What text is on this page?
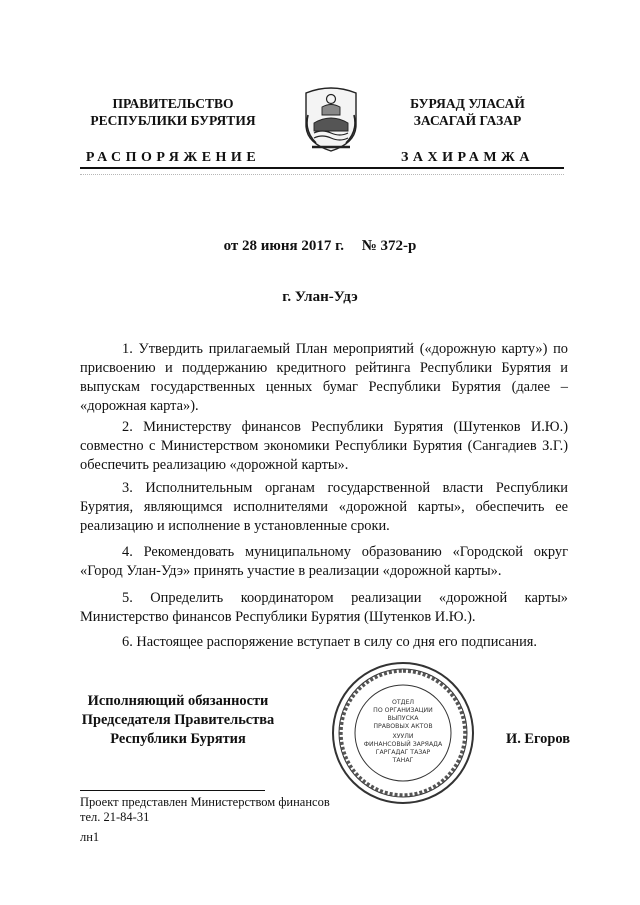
ПРАВИТЕЛЬСТВО
РЕСПУБЛИКИ БУРЯТИЯ
РАСПОРЯЖЕНИЕ
БУРЯАД УЛАСАЙ
ЗАСАГАЙ ГАЗАР
ЗАХИРАМЖА
от 28 июня 2017 г. № 372-р
г. Улан-Удэ
1. Утвердить прилагаемый План мероприятий («дорожную карту») по присвоению и поддержанию кредитного рейтинга Республики Бурятия и выпускам государственных ценных бумаг Республики Бурятия (далее – «дорожная карта»).
2. Министерству финансов Республики Бурятия (Шутенков И.Ю.) совместно с Министерством экономики Республики Бурятия (Сангадиев З.Г.) обеспечить реализацию «дорожной карты».
3. Исполнительным органам государственной власти Республики Бурятия, являющимся исполнителями «дорожной карты», обеспечить ее реализацию и исполнение в установленные сроки.
4. Рекомендовать муниципальному образованию «Городской округ «Город Улан-Удэ» принять участие в реализации «дорожной карты».
5. Определить координатором реализации «дорожной карты» Министерство финансов Республики Бурятия (Шутенков И.Ю.).
6. Настоящее распоряжение вступает в силу со дня его подписания.
Исполняющий обязанности
Председателя Правительства
Республики Бурятия
ОТДЕЛ
ПО ОРГАНИЗАЦИИ
ВЫПУСКА
ПРАВОВЫХ АКТОВ
ХУУЛИ
ФИНАНСОВЫЙ ЗАРЯАДА
ГАРГАДАГ ТАЗАР
ТАНАГ
И. Егоров
Проект представлен Министерством финансов
тел. 21-84-31
лн1
